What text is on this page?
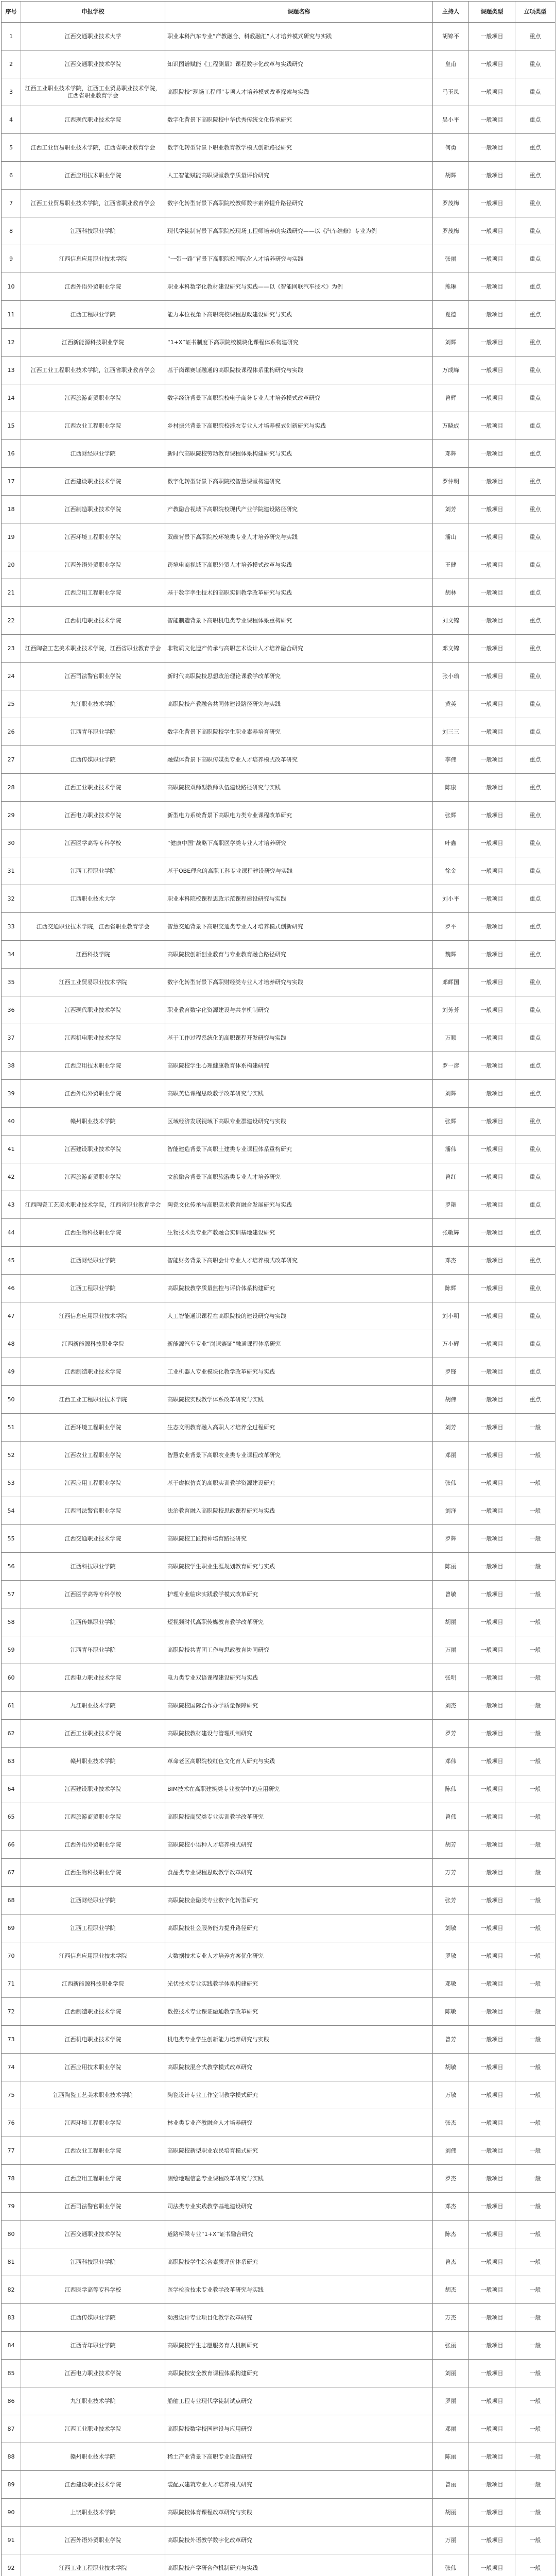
序号	申报学校	课题名称	主持人	课题类型	立项类型
1	江西交通职业技术大学	职业本科汽车专业“产教融合、科教融汇”人才培养模式研究与实践	胡锦平	一般项目	重点
2	江西交通职业技术学院	知识图谱赋能《工程测量》课程数字化改革与实践研究	皇甫	一般项目	重点
3	江西工业职业技术学院，江西工业贸易职业技术学院，江西省职业教育学会	高职院校“现场工程师”专项人才培养模式改革探索与实践	马玉凤	一般项目	重点
4	江西现代职业技术学院	数字化背景下高职院校中华优秀传统文化传承研究	吴小平	一般项目	重点
5	江西工业贸易职业技术学院，江西省职业教育学会	数字化转型背景下职业教育教学模式创新路径研究	何勇	一般项目	重点
6	江西应用技术职业学院	人工智能赋能高职课堂教学质量评价研究	胡辉	一般项目	重点
7	江西工业贸易职业技术学院，江西省职业教育学会	数字化转型背景下高职院校教师数字素养提升路径研究	罗茂梅	一般项目	重点
8	江西科技职业学院	现代学徒制背景下高职院校现场工程师培养的实践研究——以《汽车维修》专业为例	罗茂梅	一般项目	重点
9	江西信息应用职业技术学院	“一带一路”背景下高职院校国际化人才培养研究与实践	张丽	一般项目	重点
10	江西外语外贸职业学院	职业本科数字化教材建设研究与实践——以《智能网联汽车技术》为例	熊琳	一般项目	重点
11	江西工程职业学院	能力本位视角下高职院校课程思政建设研究与实践	夏德	一般项目	重点
12	江西新能源科技职业学院	“1+X”证书制度下高职院校模块化课程体系构建研究	刘辉	一般项目	重点
13	江西工业工程职业技术学院，江西省职业教育学会	基于岗课赛证融通的高职院校课程体系重构研究与实践	万成峰	一般项目	重点
14	江西旅游商贸职业学院	数字经济背景下高职院校电子商务专业人才培养模式改革研究	曾辉	一般项目	重点
15	江西农业工程职业学院	乡村振兴背景下高职院校涉农专业人才培养模式创新研究与实践	万晓成	一般项目	重点
16	江西财经职业学院	新时代高职院校劳动教育课程体系构建研究与实践	邓辉	一般项目	重点
17	江西建设职业技术学院	数字化转型背景下高职院校智慧课堂构建研究	罗仲明	一般项目	重点
18	江西制造职业技术学院	产教融合视域下高职院校现代产业学院建设路径研究	刘芳	一般项目	重点
19	江西环境工程职业学院	双碳背景下高职院校环境类专业人才培养研究与实践	潘山	一般项目	重点
20	江西外语外贸职业学院	跨境电商视域下高职外贸人才培养模式改革与实践	王健	一般项目	重点
21	江西应用工程职业学院	基于数字孪生技术的高职实训教学改革研究与实践	胡林	一般项目	重点
22	江西机电职业技术学院	智能制造背景下高职机电类专业课程体系重构研究	刘文锦	一般项目	重点
23	江西陶瓷工艺美术职业技术学院，江西省职业教育学会	非物质文化遗产传承与高职艺术设计人才培养融合研究	邓文锦	一般项目	重点
24	江西司法警官职业学院	新时代高职院校思想政治理论课教学改革研究	张小瑜	一般项目	重点
25	九江职业技术学院	高职院校产教融合共同体建设路径研究与实践	黄英	一般项目	重点
26	江西青年职业学院	数字化背景下高职院校学生职业素养培育研究	刘三三	一般项目	重点
27	江西传媒职业学院	融媒体背景下高职传媒类专业人才培养模式改革研究	李伟	一般项目	重点
28	江西工业职业技术学院	高职院校双师型教师队伍建设路径研究与实践	陈康	一般项目	重点
29	江西电力职业技术学院	新型电力系统背景下高职电力类专业课程改革研究	张辉	一般项目	重点
30	江西医学高等专科学校	“健康中国”战略下高职医学类专业人才培养研究	叶鑫	一般项目	重点
31	江西工程职业学院	基于OBE理念的高职工科专业课程建设研究与实践	徐金	一般项目	重点
32	江西职业技术大学	职业本科院校课程思政示范课程建设研究与实践	刘小平	一般项目	重点
33	江西交通职业技术学院，江西省职业教育学会	智慧交通背景下高职交通类专业人才培养模式创新研究	罗平	一般项目	重点
34	江西科技学院	高职院校创新创业教育与专业教育融合路径研究	魏辉	一般项目	重点
35	江西工业贸易职业技术学院	数字化转型背景下高职财经类专业人才培养研究与实践	邓辉国	一般项目	重点
36	江西现代职业技术学院	职业教育数字化资源建设与共享机制研究	刘芳芳	一般项目	重点
37	江西机电职业技术学院	基于工作过程系统化的高职课程开发研究与实践	万顺	一般项目	重点
38	江西应用技术职业学院	高职院校学生心理健康教育体系构建研究	罗一彦	一般项目	重点
39	江西外语外贸职业学院	高职英语课程思政教学改革研究与实践	刘辉	一般项目	重点
40	赣州职业技术学院	区域经济发展视域下高职专业群建设研究与实践	张辉	一般项目	重点
41	江西建设职业技术学院	智能建造背景下高职土建类专业课程体系重构研究	潘伟	一般项目	重点
42	江西旅游商贸职业学院	文旅融合背景下高职旅游类专业人才培养研究	曾红	一般项目	重点
43	江西陶瓷工艺美术职业技术学院，江西省职业教育学会	陶瓷文化传承与高职美术教育融合发展研究与实践	罗艳	一般项目	重点
44	江西生物科技职业学院	生物技术类专业产教融合实训基地建设研究	张敏辉	一般项目	重点
45	江西财经职业学院	智能财务背景下高职会计专业人才培养模式改革研究	邓杰	一般项目	重点
46	江西工程职业学院	高职院校教学质量监控与评价体系构建研究	陈辉	一般项目	重点
47	江西信息应用职业技术学院	人工智能通识课程在高职院校的建设研究与实践	刘小明	一般项目	重点
48	江西新能源科技职业学院	新能源汽车专业“岗课赛证”融通课程体系研究	万小辉	一般项目	重点
49	江西制造职业技术学院	工业机器人专业模块化教学改革研究与实践	罗锋	一般项目	重点
50	江西工业工程职业技术学院	高职院校实践教学体系改革研究与实践	胡伟	一般项目	重点
51	江西环境工程职业学院	生态文明教育融入高职人才培养全过程研究	刘芳	一般项目	一般
52	江西农业工程职业学院	智慧农业背景下高职农业类专业课程改革研究	邓丽	一般项目	一般
53	江西应用工程职业学院	基于虚拟仿真的高职实训教学资源建设研究	张伟	一般项目	一般
54	江西司法警官职业学院	法治教育融入高职院校思政课程研究与实践	刘洋	一般项目	一般
55	江西交通职业技术学院	高职院校工匠精神培育路径研究	罗辉	一般项目	一般
56	江西科技职业学院	高职院校学生职业生涯规划教育研究与实践	陈丽	一般项目	一般
57	江西医学高等专科学校	护理专业临床实践教学模式改革研究	曾敏	一般项目	一般
58	江西传媒职业学院	短视频时代高职传媒教育教学改革研究	胡丽	一般项目	一般
59	江西青年职业学院	高职院校共青团工作与思政教育协同研究	万丽	一般项目	一般
60	江西电力职业技术学院	电力类专业双语课程建设研究与实践	张明	一般项目	一般
61	九江职业技术学院	高职院校国际合作办学质量保障研究	刘杰	一般项目	一般
62	江西工业职业技术学院	高职院校教材建设与管理机制研究	罗芳	一般项目	一般
63	赣州职业技术学院	革命老区高职院校红色文化育人研究与实践	邓伟	一般项目	一般
64	江西建设职业技术学院	BIM技术在高职建筑类专业教学中的应用研究	陈伟	一般项目	一般
65	江西旅游商贸职业学院	高职院校商贸类专业实训教学改革研究	曾伟	一般项目	一般
66	江西外语外贸职业学院	高职院校小语种人才培养模式研究	胡芳	一般项目	一般
67	江西生物科技职业学院	食品类专业课程思政教学改革研究	万芳	一般项目	一般
68	江西财经职业学院	高职院校金融类专业数字化转型研究	张芳	一般项目	一般
69	江西工程职业学院	高职院校社会服务能力提升路径研究	刘敏	一般项目	一般
70	江西信息应用职业技术学院	大数据技术专业人才培养方案优化研究	罗敏	一般项目	一般
71	江西新能源科技职业学院	光伏技术专业实践教学体系构建研究	邓敏	一般项目	一般
72	江西制造职业技术学院	数控技术专业课证融通教学改革研究	陈敏	一般项目	一般
73	江西机电职业技术学院	机电类专业学生创新能力培养研究与实践	曾芳	一般项目	一般
74	江西应用技术职业学院	高职院校混合式教学模式改革研究	胡敏	一般项目	一般
75	江西陶瓷工艺美术职业技术学院	陶瓷设计专业工作室制教学模式研究	万敏	一般项目	一般
76	江西环境工程职业学院	林业类专业产教融合人才培养研究	张杰	一般项目	一般
77	江西农业工程职业学院	高职院校新型职业农民培育模式研究	刘伟	一般项目	一般
78	江西应用工程职业学院	测绘地理信息专业课程改革研究与实践	罗杰	一般项目	一般
79	江西司法警官职业学院	司法类专业实践教学基地建设研究	邓杰	一般项目	一般
80	江西交通职业技术学院	道路桥梁专业“1+X”证书融合研究	陈杰	一般项目	一般
81	江西科技职业学院	高职院校学生综合素质评价体系研究	曾杰	一般项目	一般
82	江西医学高等专科学校	医学检验技术专业教学改革研究与实践	胡杰	一般项目	一般
83	江西传媒职业学院	动漫设计专业项目化教学改革研究	万杰	一般项目	一般
84	江西青年职业学院	高职院校学生志愿服务育人机制研究	张丽	一般项目	一般
85	江西电力职业技术学院	高职院校安全教育课程体系构建研究	刘丽	一般项目	一般
86	九江职业技术学院	船舶工程专业现代学徒制试点研究	罗丽	一般项目	一般
87	江西工业职业技术学院	高职院校数字校园建设与应用研究	邓丽	一般项目	一般
88	赣州职业技术学院	稀土产业背景下高职专业设置研究	陈丽	一般项目	一般
89	江西建设职业技术学院	装配式建筑专业人才培养模式研究	曾丽	一般项目	一般
90	上饶职业技术学院	高职院校体育课程改革研究与实践	胡丽	一般项目	一般
91	江西外语外贸职业学院	高职院校外语教学数字化改革研究	万丽	一般项目	一般
92	江西工业工程职业技术学院	高职院校产学研合作机制研究与实践	张伟	一般项目	一般
